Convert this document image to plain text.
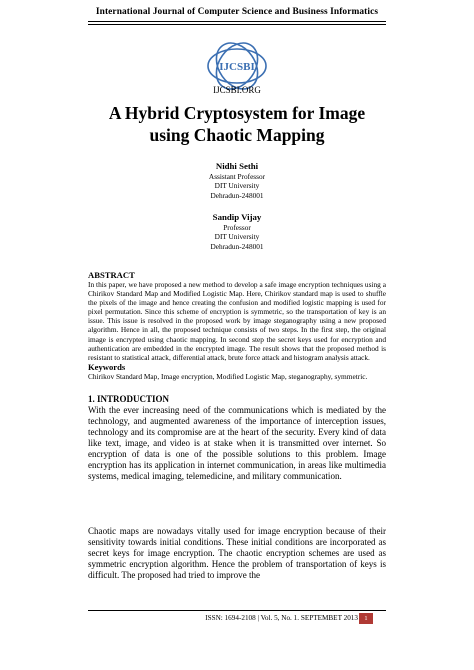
International Journal of Computer Science and Business Informatics
IJCSBI
IJCSBI.ORG
A Hybrid Cryptosystem for Image
using Chaotic Mapping
Nidhi Sethi
Assistant Professor
DIT University
Dehradun-248001
Sandip Vijay
Professor
DIT University
Dehradun-248001
ABSTRACT

In this paper, we have proposed a new method to develop a safe image encryption techniques using a Chirikov Standard Map and Modified Logistic Map. Here, Chirikov standard map is used to shuffle the pixels of the image and hence creating the confusion and modified logistic mapping is used for pixel permutation. Since this scheme of encryption is symmetric, so the transportation of key is an issue. This issue is resolved in the proposed work by image steganography using a new proposed algorithm. Hence in all, the proposed technique consists of two steps. In the first step, the original image is encrypted using chaotic mapping. In second step the secret keys used for encryption and authentication are embedded in the encrypted image. The result shows that the proposed method is resistant to statistical attack, differential attack, brute force attack and histogram analysis attack.

Keywords

Chirikov Standard Map, Image encryption, Modified Logistic Map, steganography, symmetric.

1. INTRODUCTION

With the ever increasing need of the communications which is mediated by the technology, and augmented awareness of the importance of interception issues, technology and its compromise are at the heart of the security. Every kind of data like text, image, and video is at stake when it is transmitted over internet. So encryption of data is one of the possible solutions to this problem. Image encryption has its application in internet communication, in areas like multimedia systems, medical imaging, telemedicine, and military communication.

Chaotic maps are nowadays vitally used for image encryption because of their sensitivity towards initial conditions. These initial conditions are incorporated as secret keys for image encryption. The chaotic encryption schemes are used as symmetric encryption algorithm. Hence the problem of transportation of keys is difficult. The proposed had tried to improve the

ISSN: 1694-2108 | Vol. 5, No. 1. SEPTEMBET 2013 1
